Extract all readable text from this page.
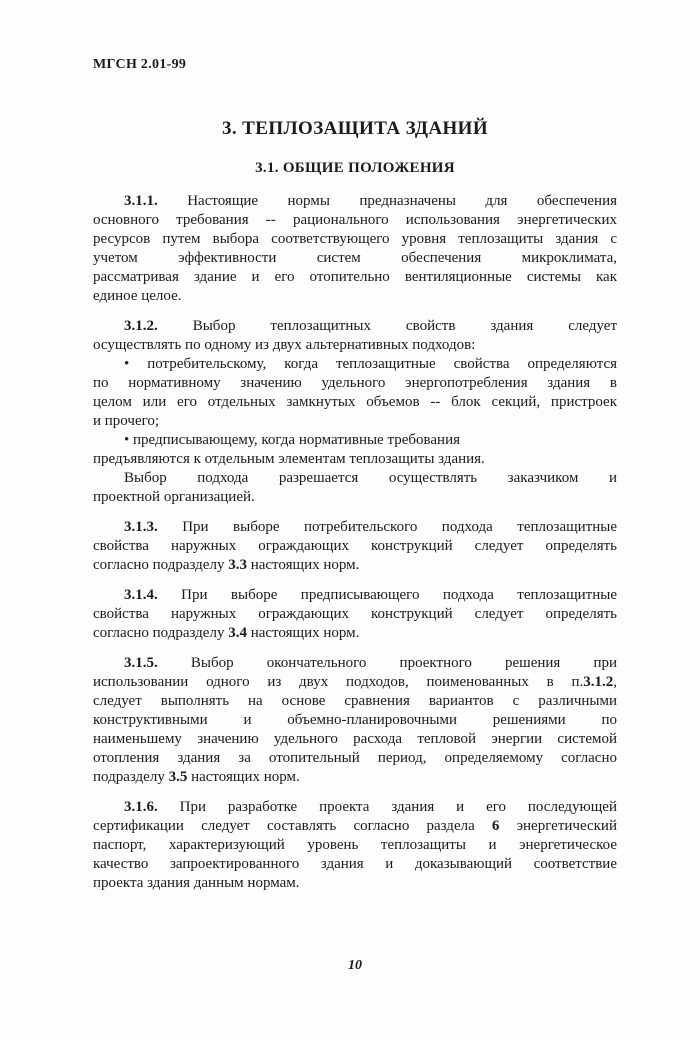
МГСН 2.01-99
3. ТЕПЛОЗАЩИТА ЗДАНИЙ
3.1. ОБЩИЕ ПОЛОЖЕНИЯ

3.1.1. Настоящие нормы предназначены для обеспечения
основного требования -- рационального использования энергетических
ресурсов путем выбора соответствующего уровня теплозащиты здания с
учетом эффективности систем обеспечения микроклимата,
рассматривая здание и его отопительно вентиляционные системы как
единое целое.

3.1.2. Выбор теплозащитных свойств здания следует
осуществлять по одному из двух альтернативных подходов:

• потребительскому, когда теплозащитные свойства определяются
по нормативному значению удельного энергопотребления здания в
целом или его отдельных замкнутых объемов -- блок секций, пристроек
и прочего;

• предписывающему, когда нормативные требования
предъявляются к отдельным элементам теплозащиты здания.

Выбор подхода разрешается осуществлять заказчиком и
проектной организацией.

3.1.3. При выборе потребительского подхода теплозащитные
свойства наружных ограждающих конструкций следует определять
согласно подразделу 3.3 настоящих норм.

3.1.4. При выборе предписывающего подхода теплозащитные
свойства наружных ограждающих конструкций следует определять
согласно подразделу 3.4 настоящих норм.

3.1.5. Выбор окончательного проектного решения при
использовании одного из двух подходов, поименованных в п.3.1.2,
следует выполнять на основе сравнения вариантов с различными
конструктивными и объемно-планировочными решениями по
наименьшему значению удельного расхода тепловой энергии системой
отопления здания за отопительный период, определяемому согласно
подразделу 3.5 настоящих норм.

3.1.6. При разработке проекта здания и его последующей
сертификации следует составлять согласно раздела 6 энергетический
паспорт, характеризующий уровень теплозащиты и энергетическое
качество запроектированного здания и доказывающий соответствие
проекта здания данным нормам.

10
